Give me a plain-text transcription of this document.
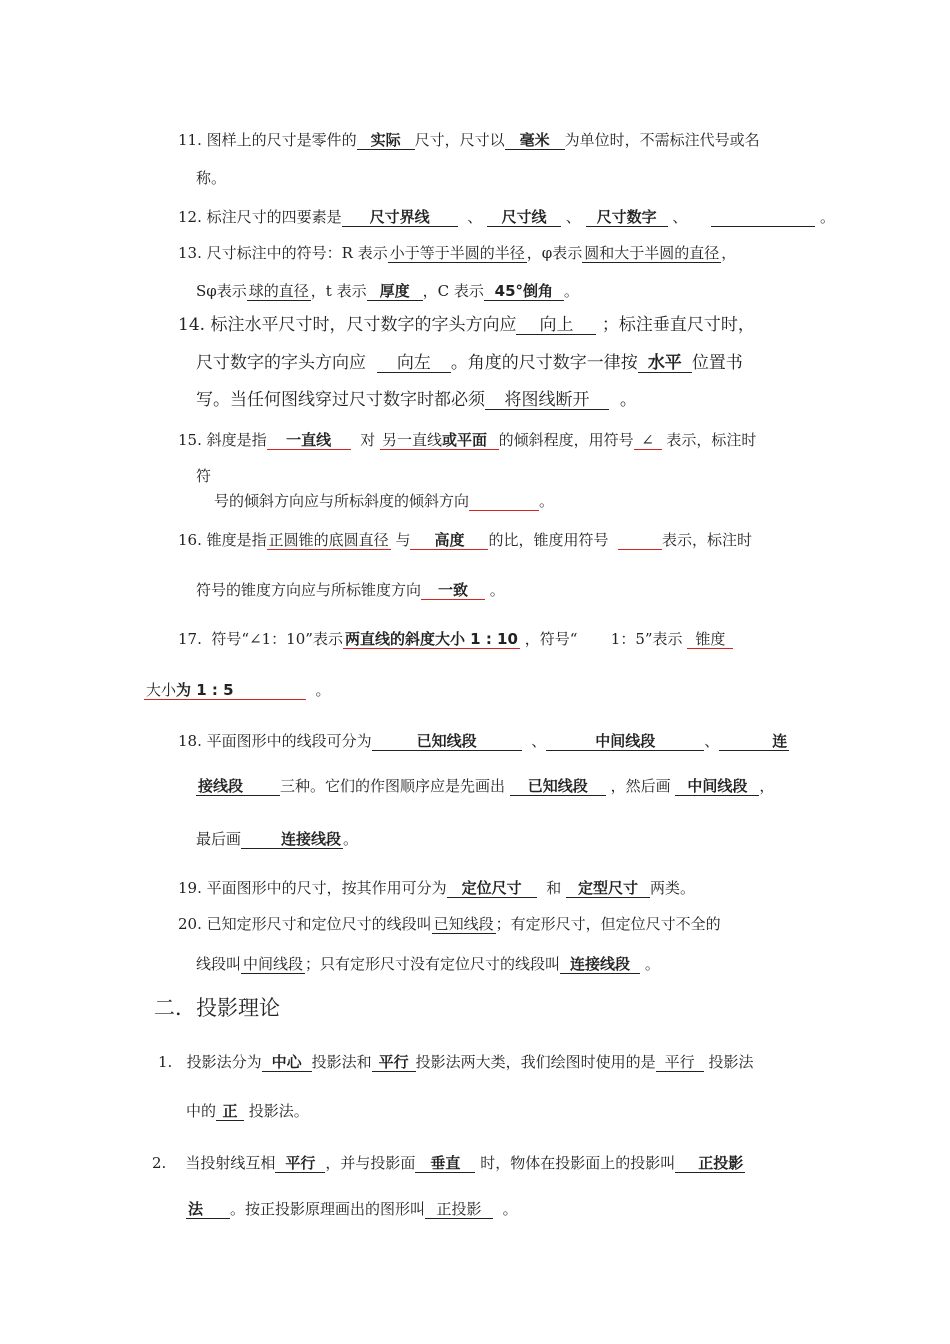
11. 图样上的尺寸是零件的 实际 尺寸，尺寸以 毫米 为单位时，不需标注代号或名
称。
12. 标注尺寸的四要素是 尺寸界线	、 尺寸线 、 尺寸数字 、	。
13. 尺寸标注中的符号：R 表示 小于等于半圆的半径 ，φ表示 圆和大于半圆的直径 ，
Sφ表示 球的直径 ，t 表示 厚度 ，C 表示 45°倒角 。
14. 标注水平尺寸时，尺寸数字的字头方向应 向上 ；标注垂直尺寸时，
尺寸数字的字头方向应 向左 。角度的尺寸数字一律按 水平 位置书
写。当任何图线穿过尺寸数字时都必须 将图线断开 。
15. 斜度是指 一直线 对 另一直线或平面 的倾斜程度，用符号 ∠ 表示，标注时
符
号的倾斜方向应与所标斜度的倾斜方向	。
16. 锥度是指 正圆锥的底圆直径 与 高度 的比，锥度用符号	表示，标注时
符号的锥度方向应与所标锥度方向 一致 。
17. 符号“∠1：10”表示 两直线的斜度大小 1 : 10 ，符号“ 1：5”表示 锥度
大小为 1 : 5	。
18. 平面图形中的线段可分为	已知线段	、	中间线段	、	连
接线段 三种。它们的作图顺序应是先画出 已知线段 ，然后画 中间线段 ，
最后画	连接线段 。
19. 平面图形中的尺寸，按其作用可分为 定位尺寸 和 定型尺寸 两类。
20. 已知定形尺寸和定位尺寸的线段叫 已知线段 ；有定形尺寸，但定位尺寸不全的
线段叫 中间线段 ；只有定形尺寸没有定位尺寸的线段叫 连接线段 。
二．投影理论
1. 投影法分为 中心 投影法和 平行 投影法两大类，我们绘图时使用的是 平行 投影法
中的 正 投影法。
2. 当投射线互相 平行 ，并与投影面 垂直 时，物体在投影面上的投影叫 正投影
法 。按正投影原理画出的图形叫 正投影 。
